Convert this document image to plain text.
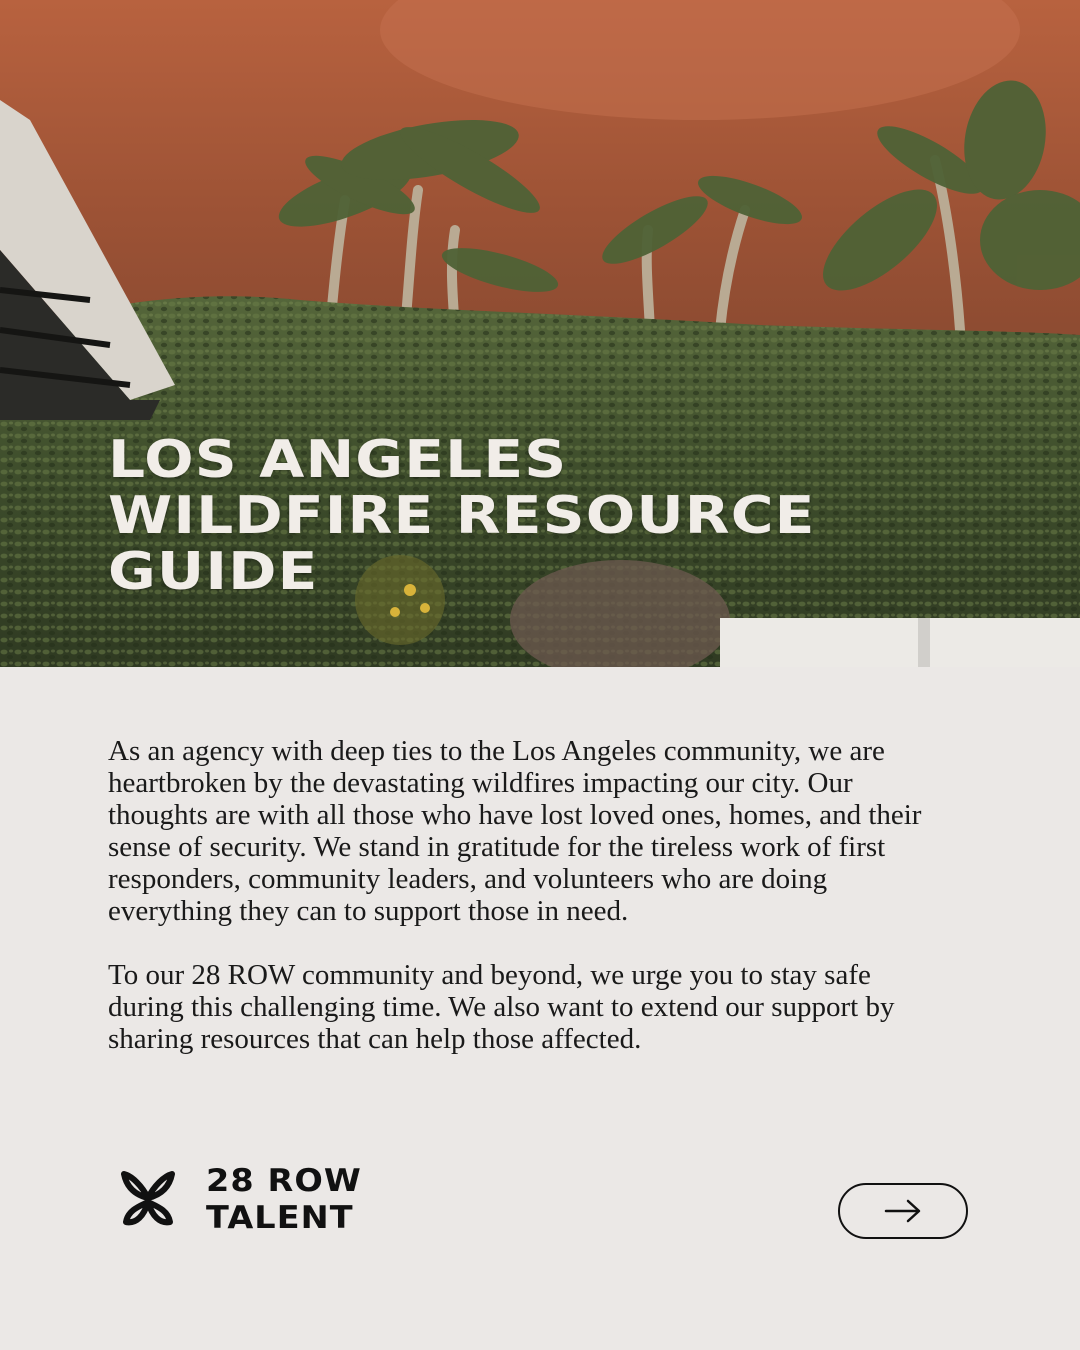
LOS ANGELES
WILDFIRE RESOURCE
GUIDE

As an agency with deep ties to the Los Angeles community, we are heartbroken by the devastating wildfires impacting our city. Our thoughts are with all those who have lost loved ones, homes, and their sense of security. We stand in gratitude for the tireless work of first responders, community leaders, and volunteers who are doing everything they can to support those in need.

To our 28 ROW community and beyond, we urge you to stay safe during this challenging time. We also want to extend our support by sharing resources that can help those affected.

28 ROW
TALENT
